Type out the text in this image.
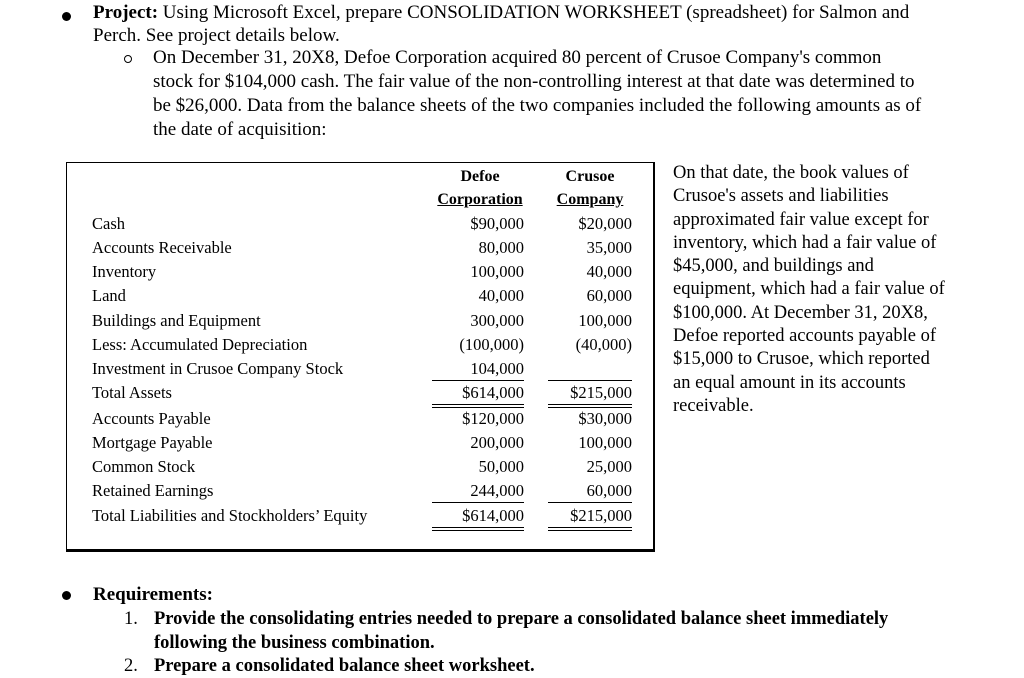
Project: Using Microsoft Excel, prepare CONSOLIDATION WORKSHEET (spreadsheet) for Salmon and
Perch. See project details below.
On December 31, 20X8, Defoe Corporation acquired 80 percent of Crusoe Company's common
stock for $104,000 cash. The fair value of the non-controlling interest at that date was determined to
be $26,000. Data from the balance sheets of the two companies included the following amounts as of
the date of acquisition:
Defoe
Corporation
Crusoe
Company
Cash	$90,000	$20,000
Accounts Receivable	80,000	35,000
Inventory	100,000	40,000
Land	40,000	60,000
Buildings and Equipment	300,000	100,000
Less: Accumulated Depreciation	(100,000)	(40,000)
Investment in Crusoe Company Stock	104,000
Total Assets	$614,000	$215,000
Accounts Payable	$120,000	$30,000
Mortgage Payable	200,000	100,000
Common Stock	50,000	25,000
Retained Earnings	244,000	60,000
Total Liabilities and Stockholders’ Equity	$614,000	$215,000
On that date, the book values of
Crusoe's assets and liabilities
approximated fair value except for
inventory, which had a fair value of
$45,000, and buildings and
equipment, which had a fair value of
$100,000. At December 31, 20X8,
Defoe reported accounts payable of
$15,000 to Crusoe, which reported
an equal amount in its accounts
receivable.
Requirements:
1. Provide the consolidating entries needed to prepare a consolidated balance sheet immediately
following the business combination.
2. Prepare a consolidated balance sheet worksheet.
